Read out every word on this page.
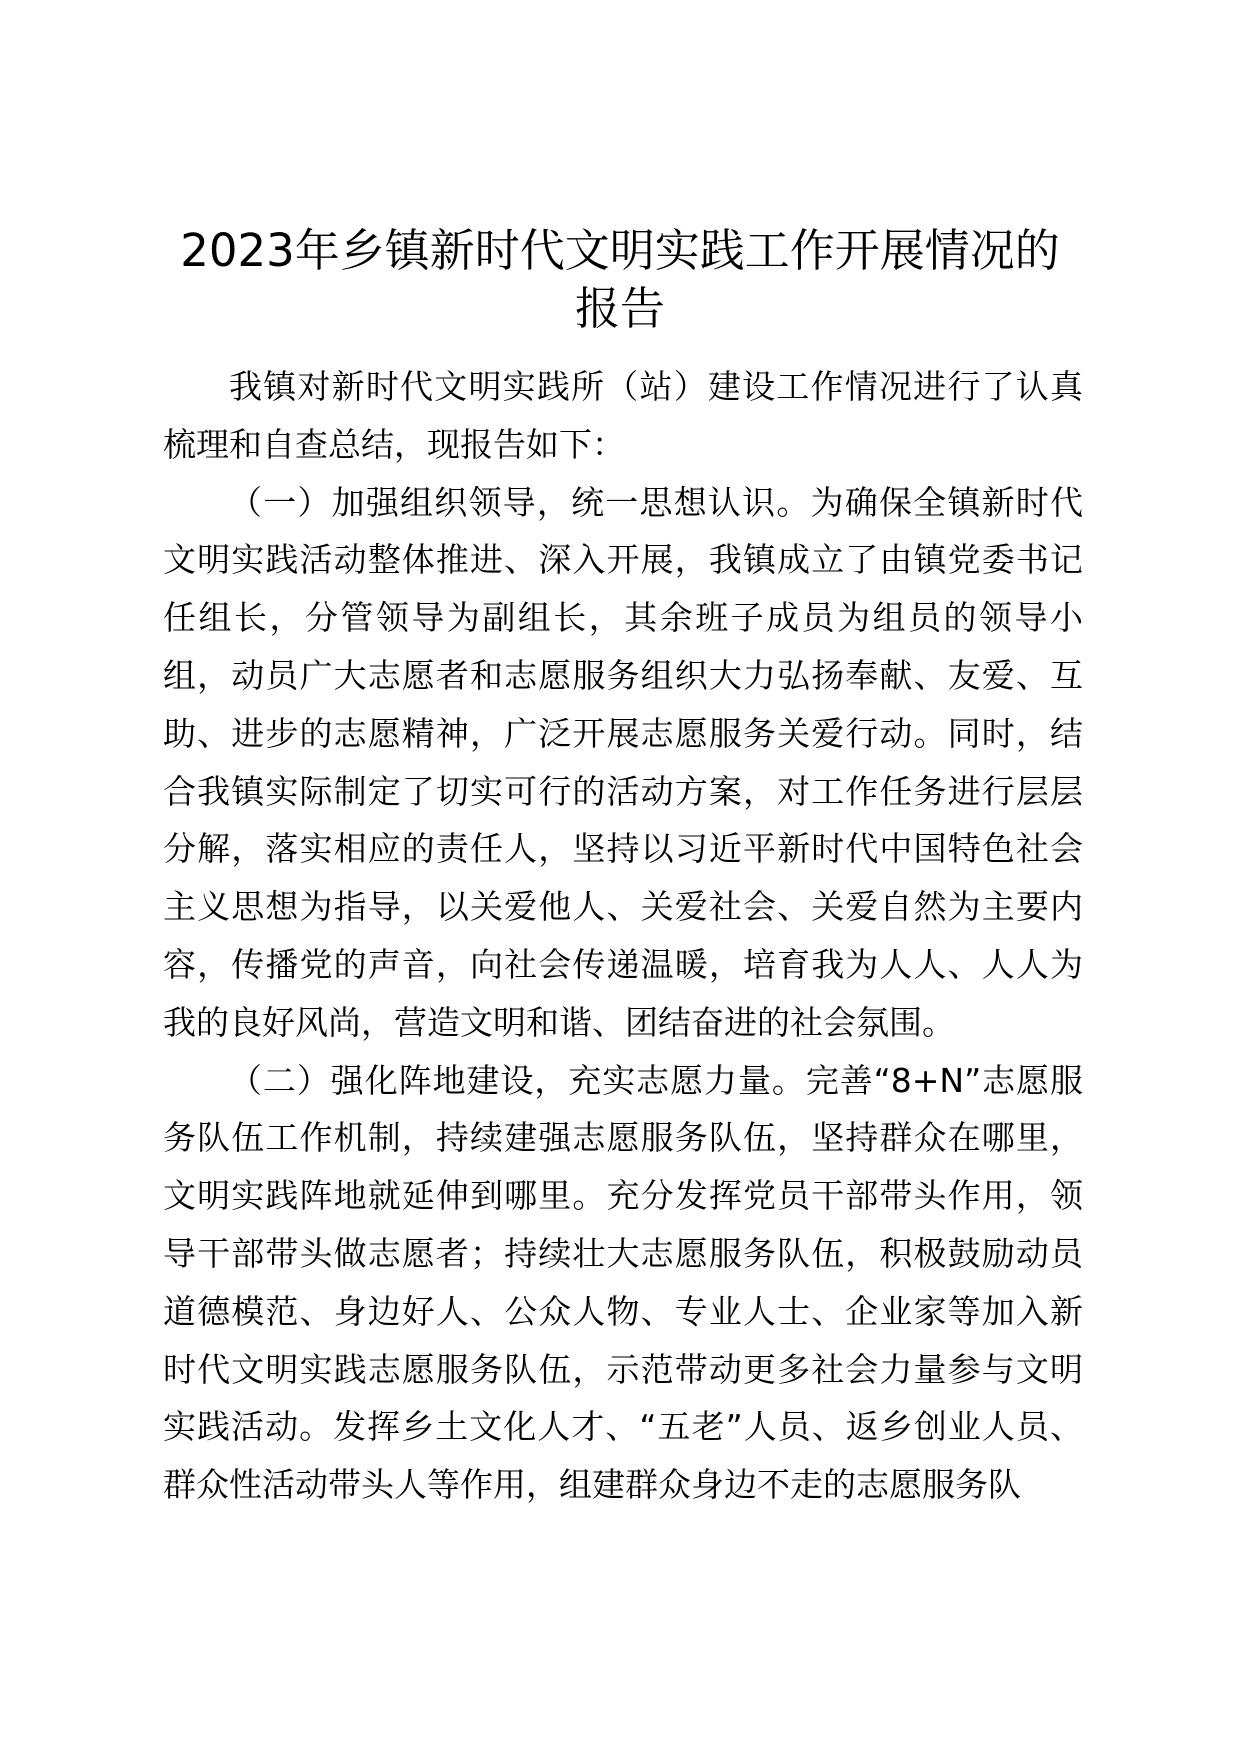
2023年乡镇新时代文明实践工作开展情况的报告

我镇对新时代文明实践所（站）建设工作情况进行了认真梳理和自查总结，现报告如下：

（一）加强组织领导，统一思想认识。为确保全镇新时代文明实践活动整体推进、深入开展，我镇成立了由镇党委书记任组长，分管领导为副组长，其余班子成员为组员的领导小组，动员广大志愿者和志愿服务组织大力弘扬奉献、友爱、互助、进步的志愿精神，广泛开展志愿服务关爱行动。同时，结合我镇实际制定了切实可行的活动方案，对工作任务进行层层分解，落实相应的责任人，坚持以习近平新时代中国特色社会主义思想为指导，以关爱他人、关爱社会、关爱自然为主要内容，传播党的声音，向社会传递温暖，培育我为人人、人人为我的良好风尚，营造文明和谐、团结奋进的社会氛围。

（二）强化阵地建设，充实志愿力量。完善“8+N”志愿服务队伍工作机制，持续建强志愿服务队伍，坚持群众在哪里，文明实践阵地就延伸到哪里。充分发挥党员干部带头作用，领导干部带头做志愿者；持续壮大志愿服务队伍，积极鼓励动员道德模范、身边好人、公众人物、专业人士、企业家等加入新时代文明实践志愿服务队伍，示范带动更多社会力量参与文明实践活动。发挥乡土文化人才、“五老”人员、返乡创业人员、群众性活动带头人等作用，组建群众身边不走的志愿服务队
